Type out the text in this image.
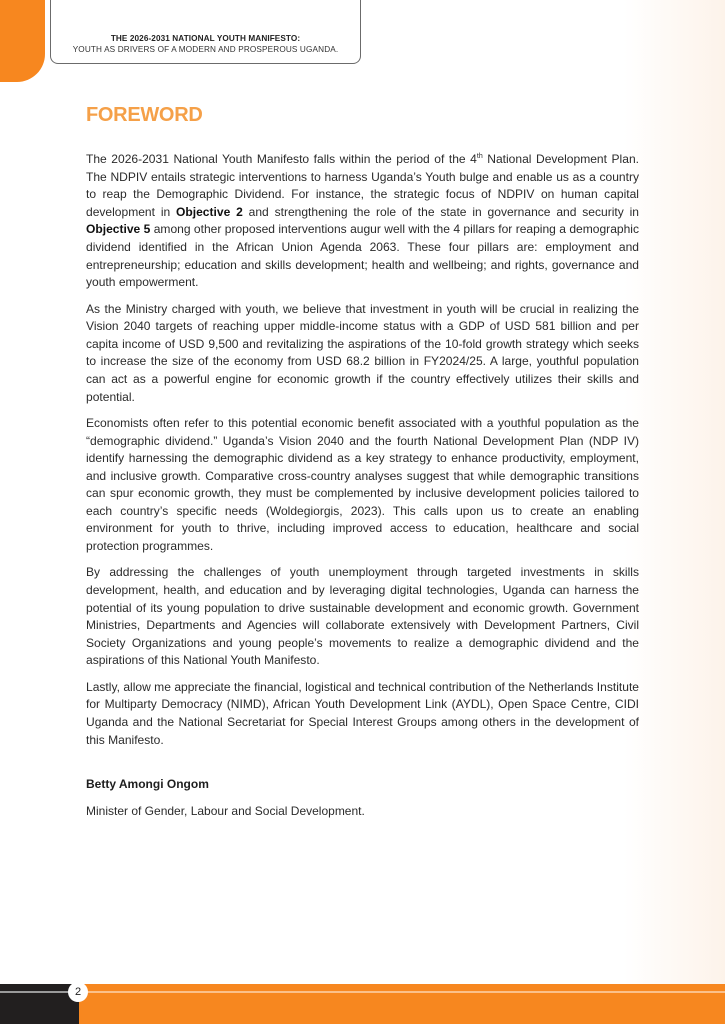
THE 2026-2031 NATIONAL YOUTH MANIFESTO:
YOUTH AS DRIVERS OF A MODERN AND PROSPEROUS UGANDA.
FOREWORD

The 2026-2031 National Youth Manifesto falls within the period of the 4th National Development Plan. The NDPIV entails strategic interventions to harness Uganda’s Youth bulge and enable us as a country to reap the Demographic Dividend. For instance, the strategic focus of NDPIV on human capital development in Objective 2 and strengthening the role of the state in governance and security in Objective 5 among other proposed interventions augur well with the 4 pillars for reaping a demographic dividend identified in the African Union Agenda 2063. These four pillars are: employment and entrepreneurship; education and skills development; health and wellbeing; and rights, governance and youth empowerment.

As the Ministry charged with youth, we believe that investment in youth will be crucial in realizing the Vision 2040 targets of reaching upper middle-income status with a GDP of USD 581 billion and per capita income of USD 9,500 and revitalizing the aspirations of the 10-fold growth strategy which seeks to increase the size of the economy from USD 68.2 billion in FY2024/25. A large, youthful population can act as a powerful engine for economic growth if the country effectively utilizes their skills and potential.

Economists often refer to this potential economic benefit associated with a youthful population as the “demographic dividend.” Uganda’s Vision 2040 and the fourth National Development Plan (NDP IV) identify harnessing the demographic dividend as a key strategy to enhance productivity, employment, and inclusive growth. Comparative cross-country analyses suggest that while demographic transitions can spur economic growth, they must be complemented by inclusive development policies tailored to each country’s specific needs (Woldegiorgis, 2023). This calls upon us to create an enabling environment for youth to thrive, including improved access to education, healthcare and social protection programmes.

By addressing the challenges of youth unemployment through targeted investments in skills development, health, and education and by leveraging digital technologies, Uganda can harness the potential of its young population to drive sustainable development and economic growth. Government Ministries, Departments and Agencies will collaborate extensively with Development Partners, Civil Society Organizations and young people’s movements to realize a demographic dividend and the aspirations of this National Youth Manifesto.

Lastly, allow me appreciate the financial, logistical and technical contribution of the Netherlands Institute for Multiparty Democracy (NIMD), African Youth Development Link (AYDL), Open Space Centre, CIDI Uganda and the National Secretariat for Special Interest Groups among others in the development of this Manifesto.

Betty Amongi Ongom
Minister of Gender, Labour and Social Development.
2
